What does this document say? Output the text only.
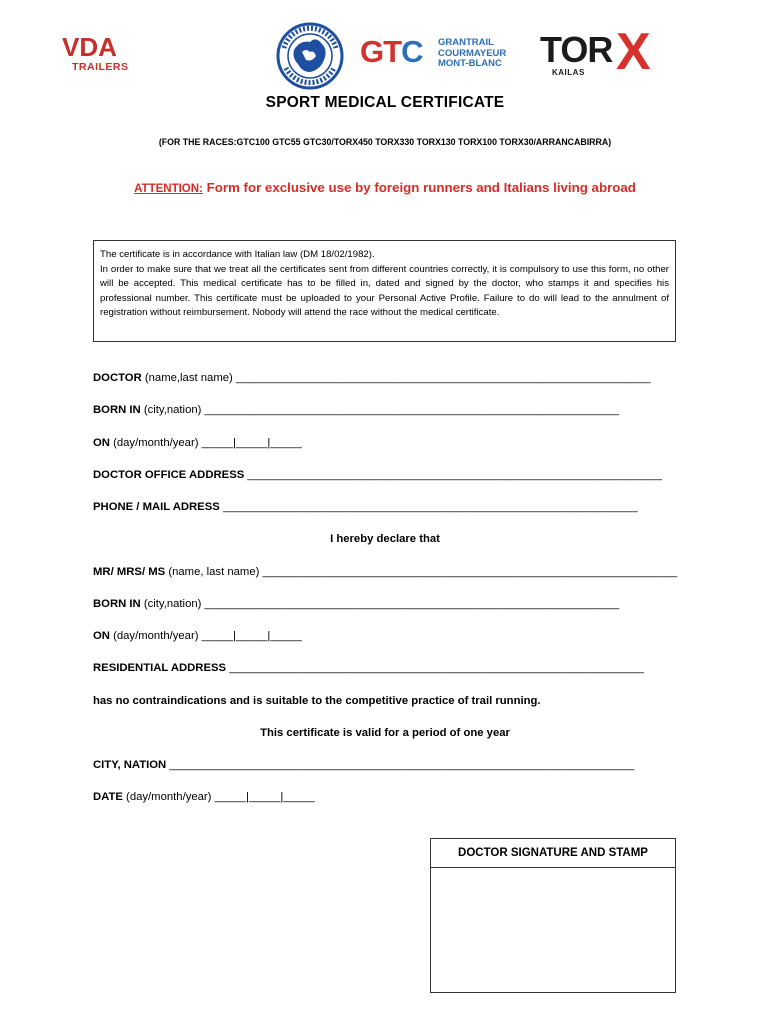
VDA
TRAILERS	GTC GRANTRAIL
COURMAYEUR
MONT-BLANC TOR X
KAILAS
SPORT MEDICAL CERTIFICATE
(FOR THE RACES:GTC100 GTC55 GTC30/TORX450 TORX330 TORX130 TORX100 TORX30/ARRANCABIRRA)
ATTENTION: Form for exclusive use by foreign runners and Italians living abroad

The certificate is in accordance with Italian law (DM 18/02/1982).

In order to make sure that we treat all the certificates sent from different countries correctly, it is compulsory to use this form, no other will be accepted. This medical certificate has to be filled in, dated and signed by the doctor, who stamps it and specifies his professional number. This certificate must be uploaded to your Personal Active Profile. Failure to do will lead to the annulment of registration without reimbursement. Nobody will attend the race without the medical certificate.

DOCTOR (name,last name) __________________________________________________________________
BORN IN (city,nation) __________________________________________________________________
ON (day/month/year) _____|_____|_____
DOCTOR OFFICE ADDRESS __________________________________________________________________
PHONE / MAIL ADRESS __________________________________________________________________
I hereby declare that
MR/ MRS/ MS (name, last name) __________________________________________________________________
BORN IN (city,nation) __________________________________________________________________
ON (day/month/year) _____|_____|_____
RESIDENTIAL ADDRESS __________________________________________________________________
has no contraindications and is suitable to the competitive practice of trail running.
This certificate is valid for a period of one year
CITY, NATION __________________________________________________________________________
DATE (day/month/year) _____|_____|_____
DOCTOR SIGNATURE AND STAMP
